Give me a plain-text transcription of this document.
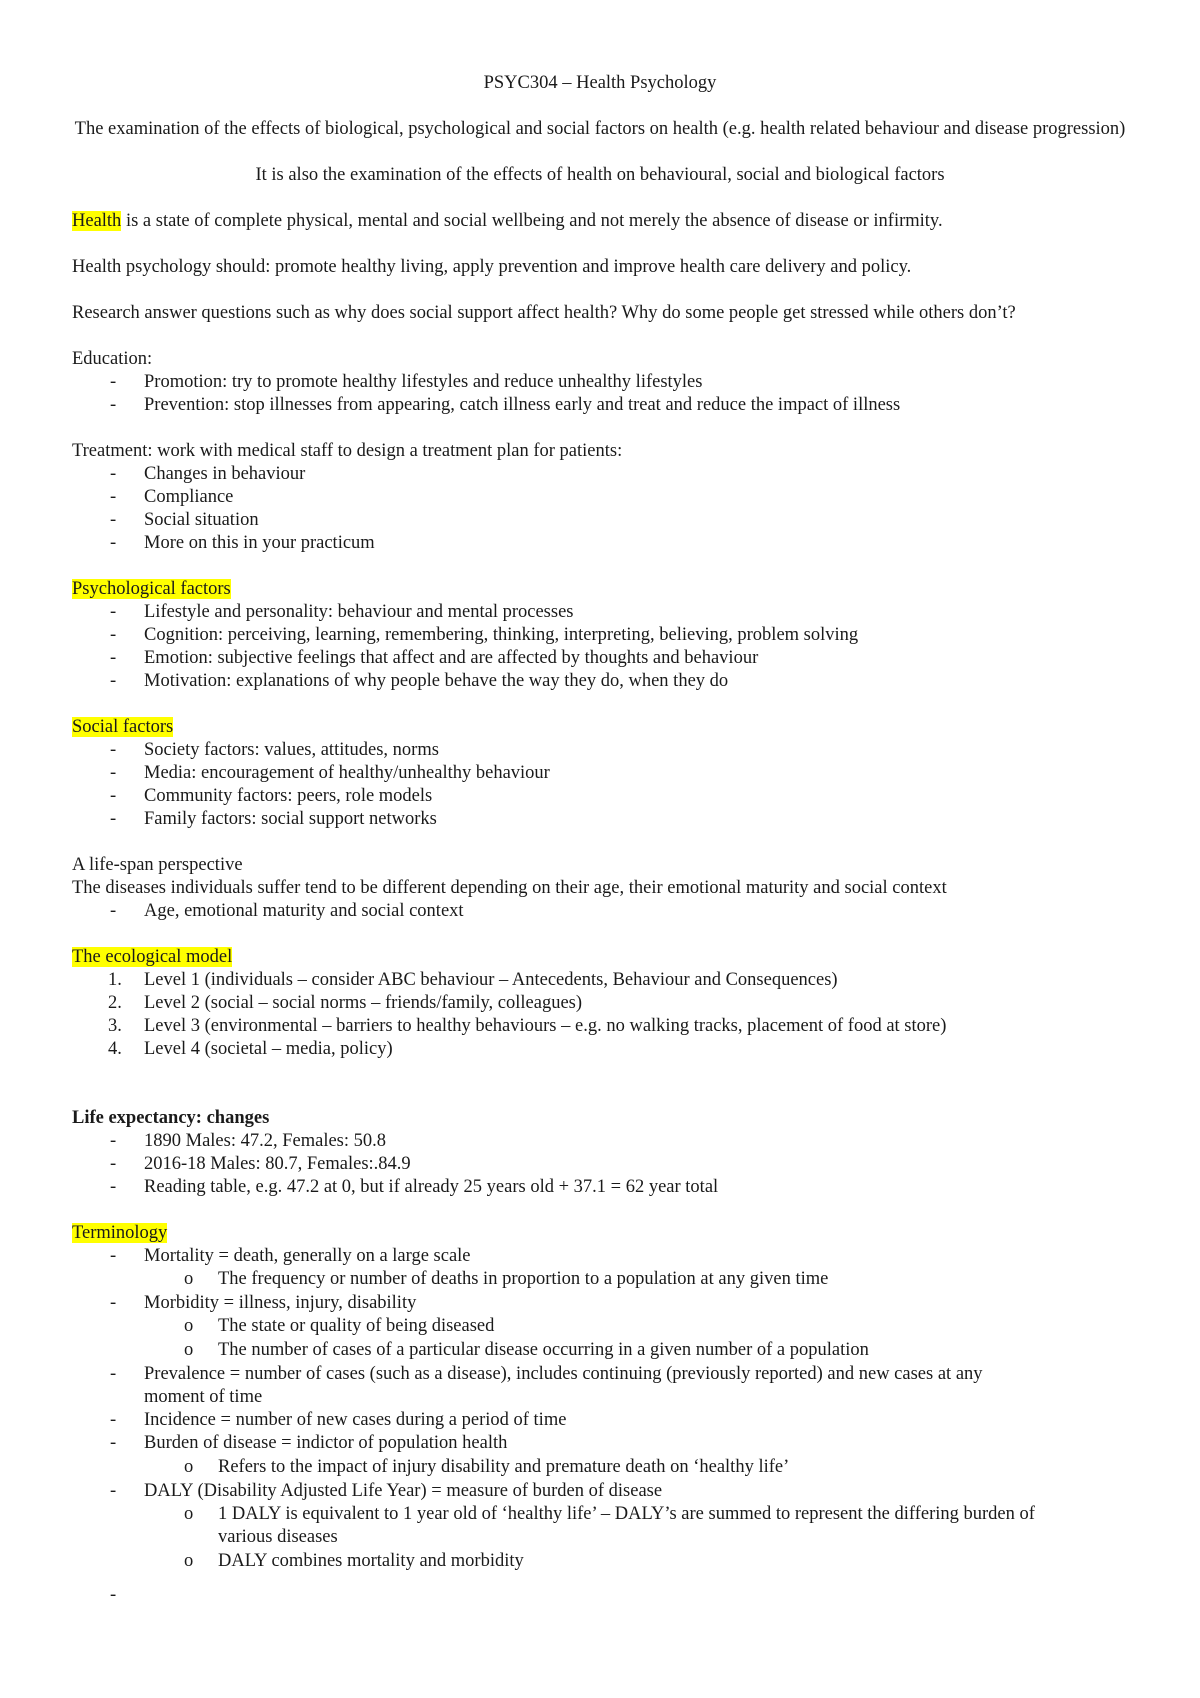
PSYC304 – Health Psychology
The examination of the effects of biological, psychological and social factors on health (e.g. health related behaviour and disease progression)
It is also the examination of the effects of health on behavioural, social and biological factors
Health is a state of complete physical, mental and social wellbeing and not merely the absence of disease or infirmity.
Health psychology should: promote healthy living, apply prevention and improve health care delivery and policy.
Research answer questions such as why does social support affect health? Why do some people get stressed while others don’t?
Education:
- Promotion: try to promote healthy lifestyles and reduce unhealthy lifestyles
- Prevention: stop illnesses from appearing, catch illness early and treat and reduce the impact of illness
Treatment: work with medical staff to design a treatment plan for patients:
- Changes in behaviour
- Compliance
- Social situation
- More on this in your practicum
Psychological factors
- Lifestyle and personality: behaviour and mental processes
- Cognition: perceiving, learning, remembering, thinking, interpreting, believing, problem solving
- Emotion: subjective feelings that affect and are affected by thoughts and behaviour
- Motivation: explanations of why people behave the way they do, when they do
Social factors
- Society factors: values, attitudes, norms
- Media: encouragement of healthy/unhealthy behaviour
- Community factors: peers, role models
- Family factors: social support networks
A life-span perspective
The diseases individuals suffer tend to be different depending on their age, their emotional maturity and social context
- Age, emotional maturity and social context
The ecological model
1. Level 1 (individuals – consider ABC behaviour – Antecedents, Behaviour and Consequences)
2. Level 2 (social – social norms – friends/family, colleagues)
3. Level 3 (environmental – barriers to healthy behaviours – e.g. no walking tracks, placement of food at store)
4. Level 4 (societal – media, policy)
Life expectancy: changes
- 1890 Males: 47.2, Females: 50.8
- 2016-18 Males: 80.7, Females:.84.9
- Reading table, e.g. 47.2 at 0, but if already 25 years old + 37.1 = 62 year total
Terminology
- Mortality = death, generally on a large scale
o The frequency or number of deaths in proportion to a population at any given time
- Morbidity = illness, injury, disability
o The state or quality of being diseased
o The number of cases of a particular disease occurring in a given number of a population
- Prevalence = number of cases (such as a disease), includes continuing (previously reported) and new cases at any
moment of time
- Incidence = number of new cases during a period of time
- Burden of disease = indictor of population health
o Refers to the impact of injury disability and premature death on ‘healthy life’
- DALY (Disability Adjusted Life Year) = measure of burden of disease
o 1 DALY is equivalent to 1 year old of ‘healthy life’ – DALY’s are summed to represent the differing burden of
various diseases
o DALY combines mortality and morbidity
-
